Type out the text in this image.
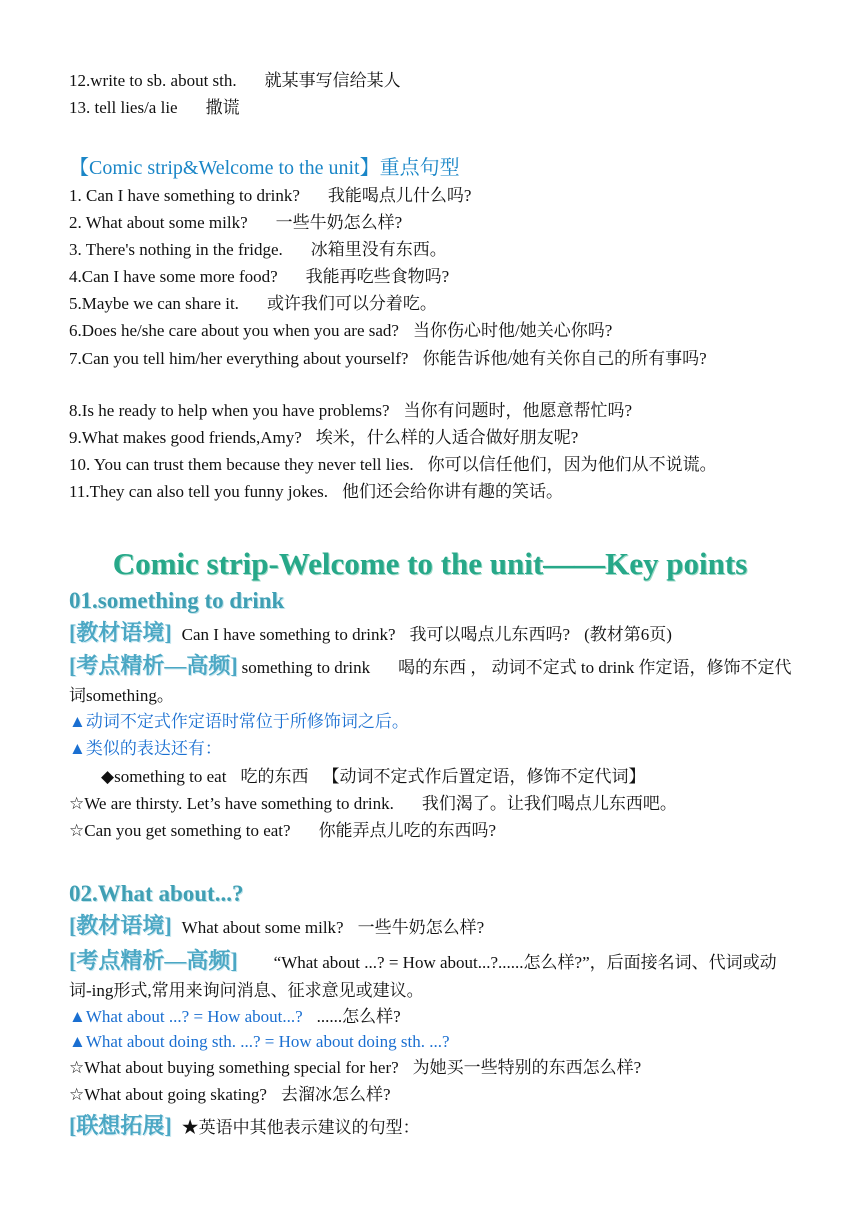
12.write to sb. about sth. 就某事写信给某人
13. tell lies/a lie 撒谎
【Comic strip&Welcome to the unit】重点句型
1. Can I have something to drink? 我能喝点儿什么吗?
2. What about some milk? 一些牛奶怎么样?
3. There's nothing in the fridge. 冰箱里没有东西。
4.Can I have some more food? 我能再吃些食物吗?
5.Maybe we can share it. 或许我们可以分着吃。
6.Does he/she care about you when you are sad? 当你伤心时他/她关心你吗?
7.Can you tell him/her everything about yourself? 你能告诉他/她有关你自己的所有事吗?
8.Is he ready to help when you have problems? 当你有问题时，他愿意帮忙吗?
9.What makes good friends,Amy? 埃米，什么样的人适合做好朋友呢?
10. You can trust them because they never tell lies. 你可以信任他们，因为他们从不说谎。
11.They can also tell you funny jokes. 他们还会给你讲有趣的笑话。
Comic strip-Welcome to the unit——Key points
01.something to drink
[教材语境] Can I have something to drink? 我可以喝点儿东西吗? (教材第6页)
[考点精析—高频] something to drink 喝的东西 ， 动词不定式 to drink 作定语，修饰不定代词something。
▲动词不定式作定语时常位于所修饰词之后。
▲类似的表达还有：
◆something to eat 吃的东西 【动词不定式作后置定语，修饰不定代词】
☆We are thirsty. Let’s have something to drink. 我们渴了。让我们喝点儿东西吧。
☆Can you get something to eat? 你能弄点儿吃的东西吗?
02.What about...?
[教材语境] What about some milk? 一些牛奶怎么样?
[考点精析—高频] “What about ...? = How about...?......怎么样?”，后面接名词、代词或动词-ing形式,常用来询问消息、征求意见或建议。
▲What about ...? = How about...? ......怎么样?
▲What about doing sth. ...? = How about doing sth. ...?
☆What about buying something special for her? 为她买一些特别的东西怎么样?
☆What about going skating? 去溜冰怎么样?
[联想拓展] ★英语中其他表示建议的句型：
